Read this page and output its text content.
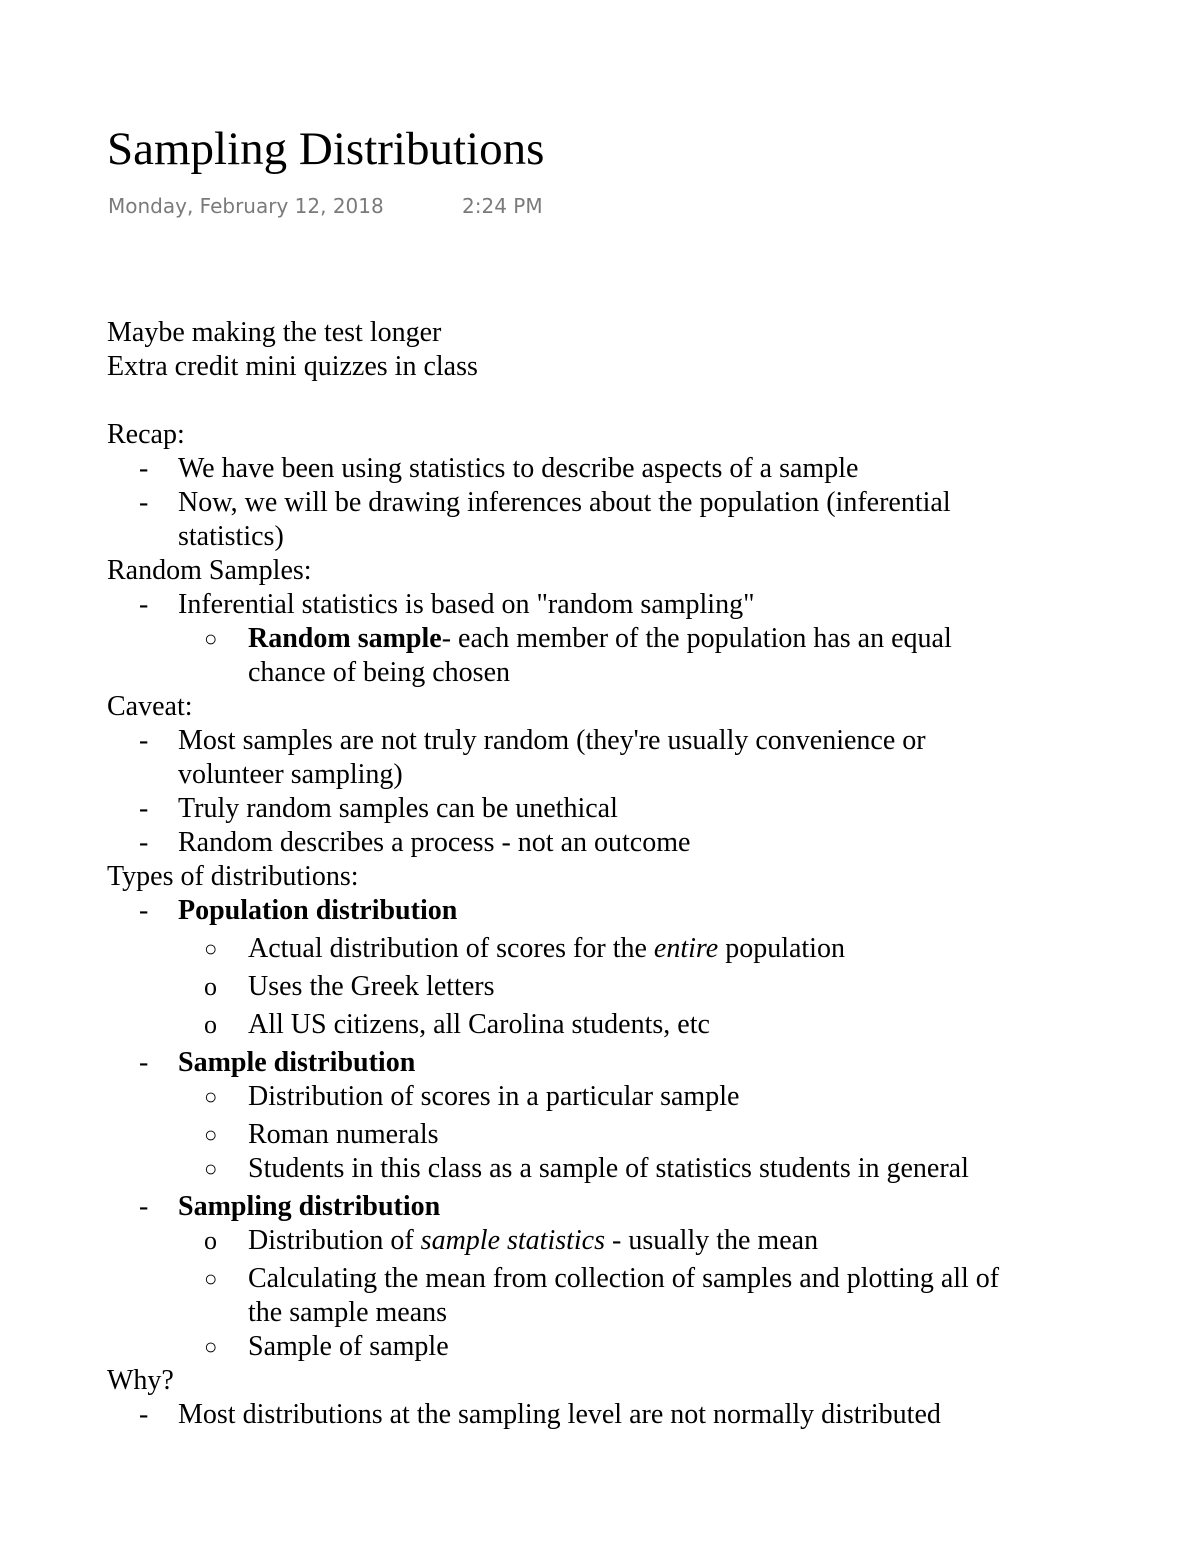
Sampling Distributions
Monday, February 12, 2018	2:24 PM
Maybe making the test longer
Extra credit mini quizzes in class
Recap:
- We have been using statistics to describe aspects of a sample
- Now, we will be drawing inferences about the population (inferential
statistics)
Random Samples:
- Inferential statistics is based on "random sampling"
○ Random sample- each member of the population has an equal
chance of being chosen
Caveat:
- Most samples are not truly random (they're usually convenience or
volunteer sampling)
- Truly random samples can be unethical
- Random describes a process - not an outcome
Types of distributions:
- Population distribution
○ Actual distribution of scores for the entire population
o Uses the Greek letters
o All US citizens, all Carolina students, etc
- Sample distribution
○ Distribution of scores in a particular sample
○ Roman numerals
○ Students in this class as a sample of statistics students in general
- Sampling distribution
o Distribution of sample statistics - usually the mean
○ Calculating the mean from collection of samples and plotting all of
the sample means
○ Sample of sample
Why?
- Most distributions at the sampling level are not normally distributed
